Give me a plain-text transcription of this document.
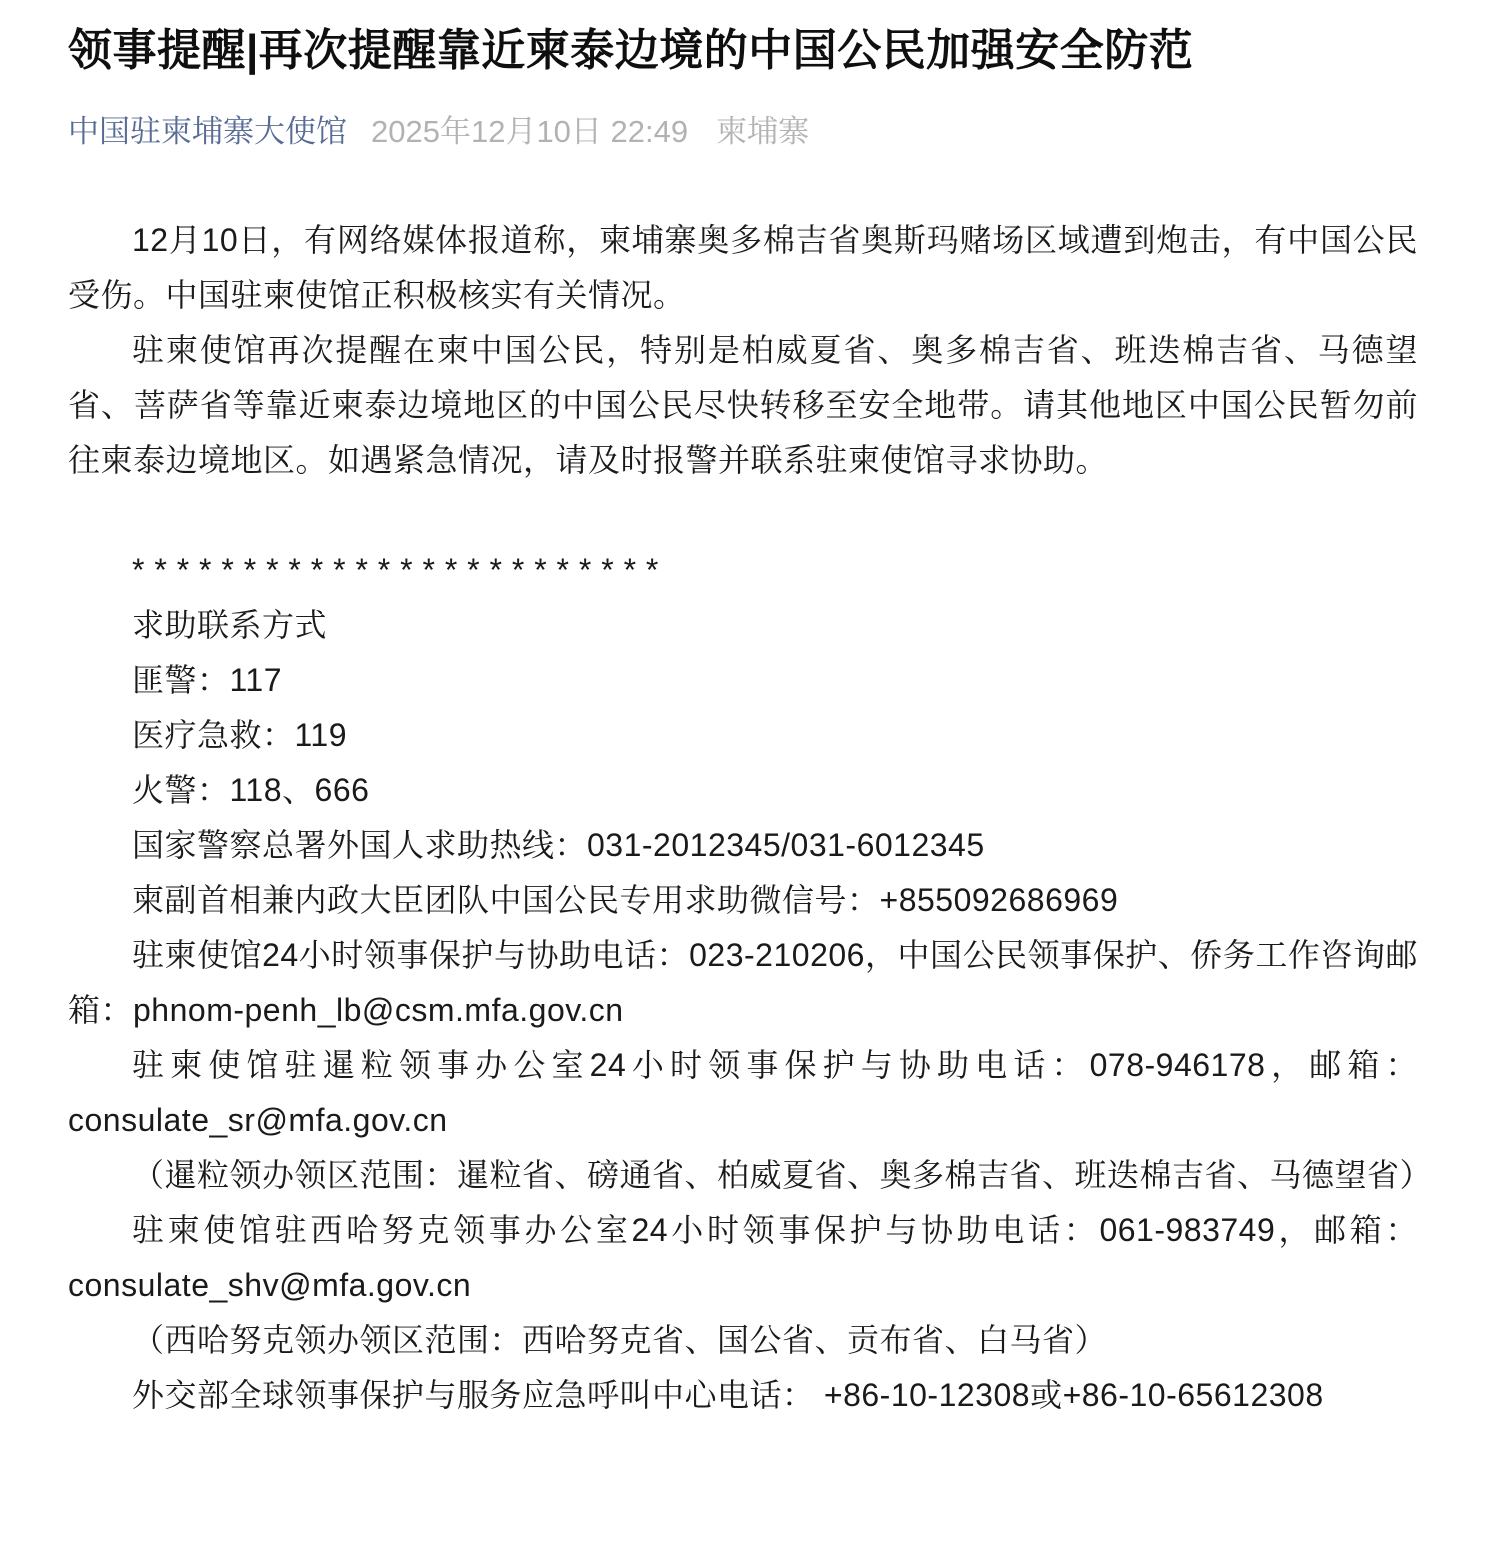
领事提醒|再次提醒靠近柬泰边境的中国公民加强安全防范
中国驻柬埔寨大使馆 2025年12月10日 22:49 柬埔寨

12月10日，有网络媒体报道称，柬埔寨奥多棉吉省奥斯玛赌场区域遭到炮击，有中国公民受伤。中国驻柬使馆正积极核实有关情况。

驻柬使馆再次提醒在柬中国公民，特别是柏威夏省、奥多棉吉省、班迭棉吉省、马德望省、菩萨省等靠近柬泰边境地区的中国公民尽快转移至安全地带。请其他地区中国公民暂勿前往柬泰边境地区。如遇紧急情况，请及时报警并联系驻柬使馆寻求协助。

* * * * * * * * * * * * * * * * * * * * * * * *

求助联系方式

匪警：117

医疗急救：119

火警：118、666

国家警察总署外国人求助热线：031-2012345/031-6012345

柬副首相兼内政大臣团队中国公民专用求助微信号：+855092686969

驻柬使馆24小时领事保护与协助电话：023-210206，中国公民领事保护、侨务工作咨询邮箱：phnom-penh_lb@csm.mfa.gov.cn

驻柬使馆驻暹粒领事办公室24小时领事保护与协助电话：078-946178，邮箱：consulate_sr@mfa.gov.cn

（暹粒领办领区范围：暹粒省、磅通省、柏威夏省、奥多棉吉省、班迭棉吉省、马德望省）

驻柬使馆驻西哈努克领事办公室24小时领事保护与协助电话：061-983749，邮箱：consulate_shv@mfa.gov.cn

（西哈努克领办领区范围：西哈努克省、国公省、贡布省、白马省）

外交部全球领事保护与服务应急呼叫中心电话： +86-10-12308或+86-10-65612308
